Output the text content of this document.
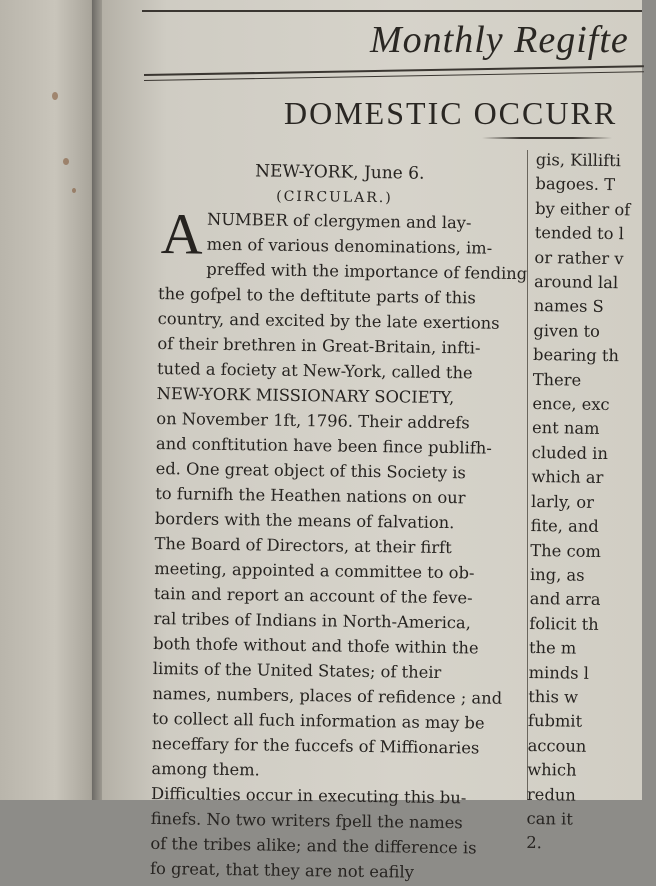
Monthly Regifte
DOMESTIC OCCURR

NEW-YORK, June 6.

(CIRCULAR.)

A NUMBER of clergymen and lay-
men of various denominations, im-
preffed with the importance of fending
the gofpel to the deftitute parts of this
country, and excited by the late exertions
of their brethren in Great-Britain, infti-
tuted a fociety at New-York, called the
NEW-YORK MISSIONARY SOCIETY,
on November 1ft, 1796. Their addrefs
and conftitution have been fince publifh-
ed. One great object of this Society is
to furnifh the Heathen nations on our
borders with the means of falvation.
The Board of Directors, at their firft
meeting, appointed a committee to ob-
tain and report an account of the feve-
ral tribes of Indians in North-America,
both thofe without and thofe within the
limits of the United States; of their
names, numbers, places of refidence ; and
to collect all fuch information as may be
neceffary for the fuccefs of Miffionaries
among them.
Difficulties occur in executing this bu-
finefs. No two writers fpell the names
of the tribes alike; and the difference is
fo great, that they are not eafily
gis, Killifti
bagoes. T
by either of
tended to l
or rather v
around lal
names S
given to
bearing th
There
ence, exc
ent nam
cluded in
which ar
larly, or
fite, and
The com
ing, as
and arra
folicit th
the m
minds l
this w
fubmit
accoun
which
redun
can it
2.
